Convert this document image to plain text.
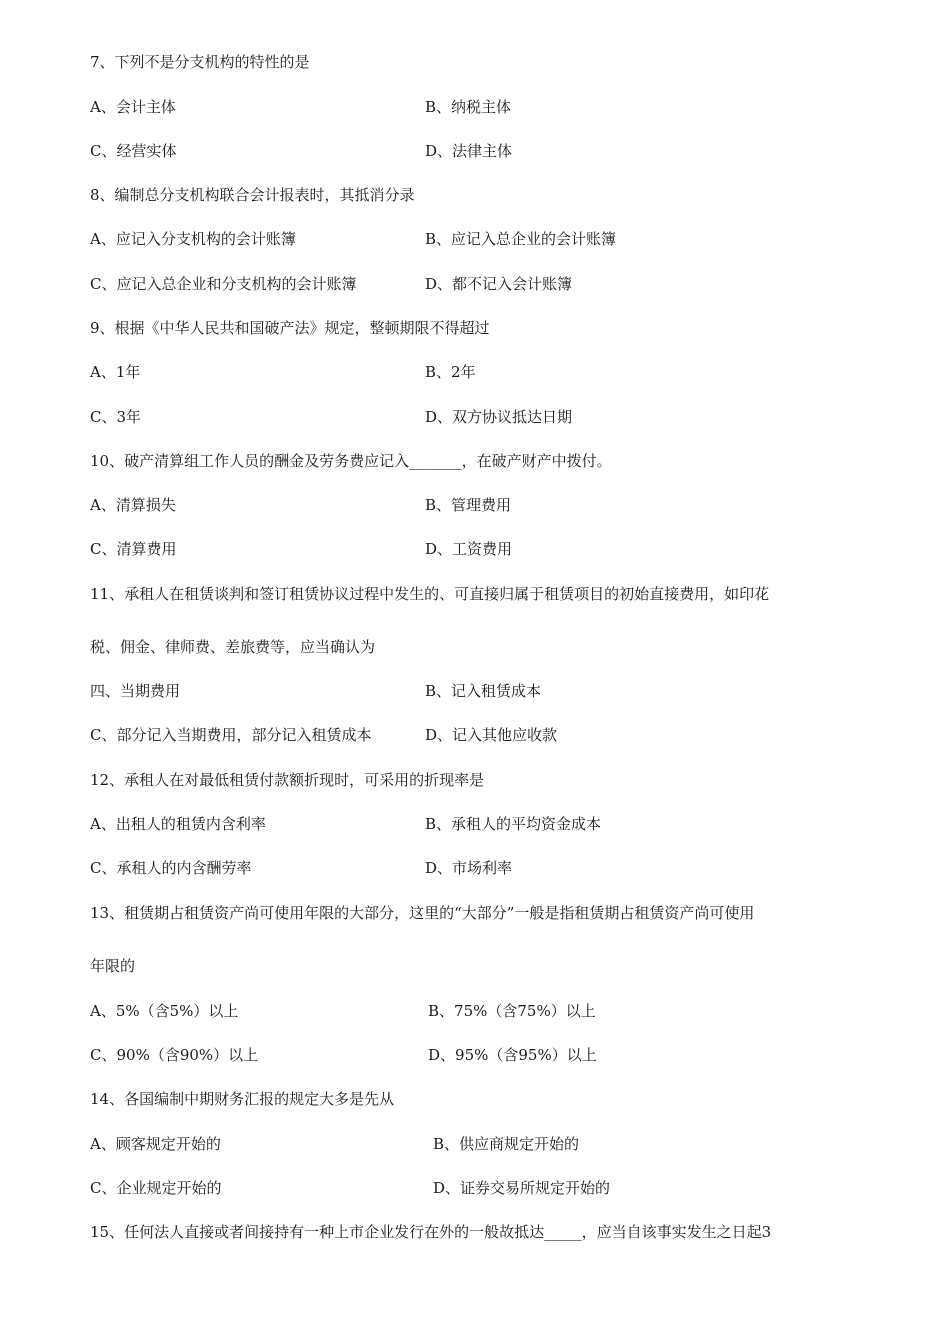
7、下列不是分支机构的特性的是
A、会计主体	B、纳税主体
C、经营实体	D、法律主体
8、编制总分支机构联合会计报表时，其抵消分录
A、应记入分支机构的会计账簿	B、应记入总企业的会计账簿
C、应记入总企业和分支机构的会计账簿	D、都不记入会计账簿
9、根据《中华人民共和国破产法》规定，整顿期限不得超过
A、1年	B、2年
C、3年	D、双方协议抵达日期
10、破产清算组工作人员的酬金及劳务费应记入_______，在破产财产中拨付。
A、清算损失	B、管理费用
C、清算费用	D、工资费用
11、承租人在租赁谈判和签订租赁协议过程中发生的、可直接归属于租赁项目的初始直接费用，如印花
税、佣金、律师费、差旅费等，应当确认为
四、当期费用	B、记入租赁成本
C、部分记入当期费用，部分记入租赁成本	D、记入其他应收款
12、承租人在对最低租赁付款额折现时，可采用的折现率是
A、出租人的租赁内含利率	B、承租人的平均资金成本
C、承租人的内含酬劳率	D、市场利率
13、租赁期占租赁资产尚可使用年限的大部分，这里的“大部分”一般是指租赁期占租赁资产尚可使用
年限的
A、5%（含5%）以上	B、75%（含75%）以上
C、90%（含90%）以上	D、95%（含95%）以上
14、各国编制中期财务汇报的规定大多是先从
A、顾客规定开始的	B、供应商规定开始的
C、企业规定开始的	D、证券交易所规定开始的
15、任何法人直接或者间接持有一种上市企业发行在外的一般故抵达_____，应当自该事实发生之日起3
